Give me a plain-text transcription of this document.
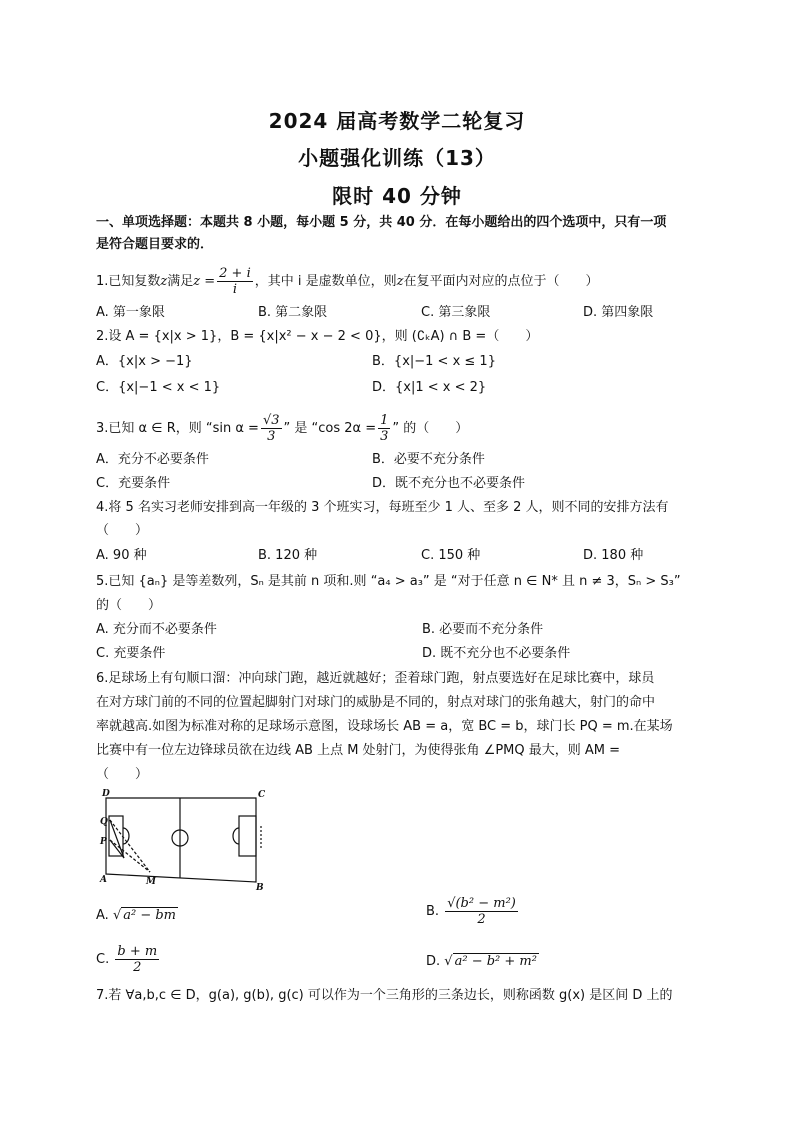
2024 届高考数学二轮复习
小题强化训练（13）
限时 40 分钟
一、单项选择题：本题共 8 小题，每小题 5 分，共 40 分．在每小题给出的四个选项中，只有一项
是符合题目要求的．
1.已知复数z满足$z = \frac{2 + i}{i}$ ，其中 i 是虚数单位，则z在复平面内对应的点位于（　　）
A. 第一象限	B. 第二象限	C. 第三象限	D. 第四象限
2.设 A = {x|x > 1}，B = {x|x² − x − 2 < 0}，则 (∁ₖA) ∩ B =（　　）
A．{x|x > −1}	B．{x|−1 < x ≤ 1}
C．{x|−1 < x < 1}	D．{x|1 < x < 2}
3.已知 α ∈ R，则 “sin $\alpha = \frac{√3}{3}$ ” 是 “cos $2\alpha = \frac{1}{3}$ ” 的（　　）
A．充分不必要条件	B．必要不充分条件
C．充要条件	D．既不充分也不必要条件
4.将 5 名实习老师安排到高一年级的 3 个班实习，每班至少 1 人、至多 2 人，则不同的安排方法有
（　　）
A. 90 种	B. 120 种	C. 150 种	D. 180 种
5.已知 {aₙ} 是等差数列，Sₙ 是其前 n 项和.则 “a₄ > a₃” 是 “对于任意 n ∈ N* 且 n ≠ 3，Sₙ > S₃”
的（　　）
A. 充分而不必要条件	B. 必要而不充分条件
C. 充要条件	D. 既不充分也不必要条件
6.足球场上有句顺口溜：冲向球门跑，越近就越好；歪着球门跑，射点要选好在足球比赛中，球员
在对方球门前的不同的位置起脚射门对球门的威胁是不同的，射点对球门的张角越大，射门的命中
率就越高.如图为标准对称的足球场示意图，设球场长 AB = a，宽 BC = b，球门长 PQ = m.在某场
比赛中有一位左边锋球员欲在边线 AB 上点 M 处射门，为使得张角 ∠PMQ 最大，则 AM =
（　　）
D	C
Q
P
A	M
B
A. √ a² − bm	B. $\frac{\text{√(b² − m²)}}{2}$
C. $\frac{b + m}{2}$	D. √ a² − b² + m²
7.若 ∀a,b,c ∈ D，g(a), g(b), g(c) 可以作为一个三角形的三条边长，则称函数 g(x) 是区间 D 上的
